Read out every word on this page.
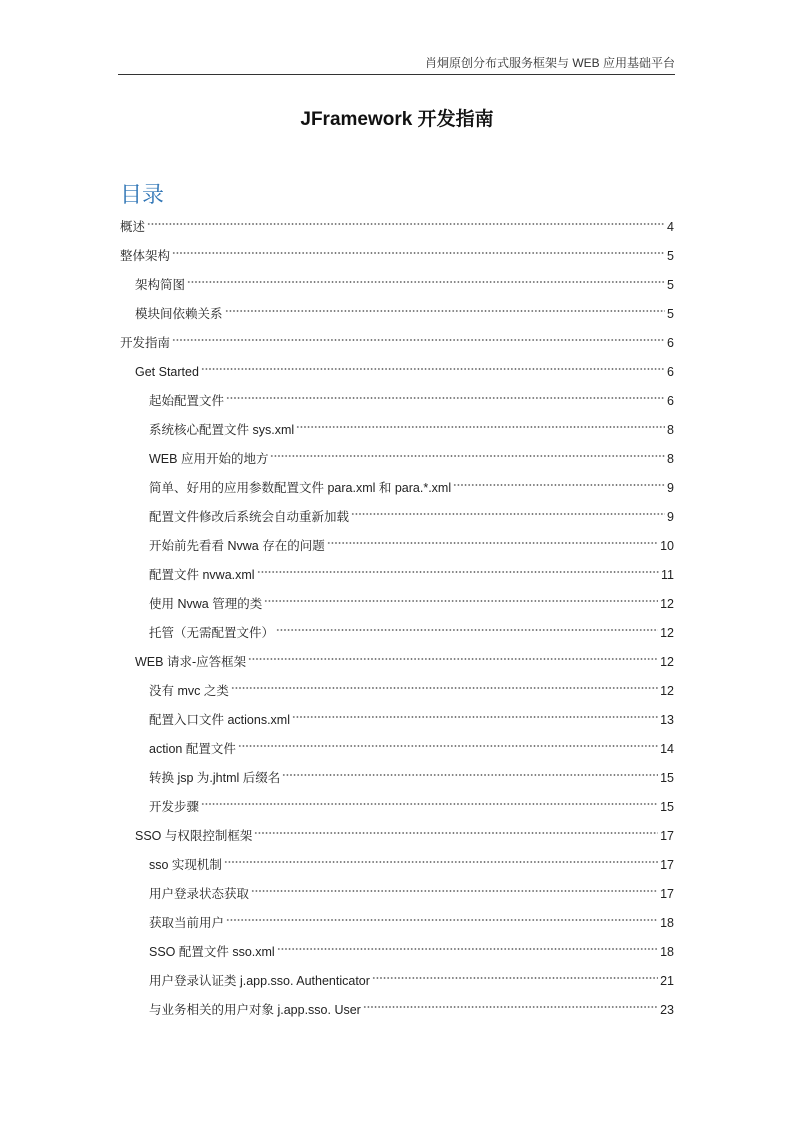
肖炯原创分布式服务框架与 WEB 应用基础平台
JFramework 开发指南
目录
概述	4
整体架构	5
架构简图	5
模块间依赖关系	5
开发指南	6
Get Started	6
起始配置文件	6
系统核心配置文件 sys.xml	8
WEB 应用开始的地方	8
简单、好用的应用参数配置文件 para.xml 和 para.*.xml	9
配置文件修改后系统会自动重新加载	9
开始前先看看 Nvwa 存在的问题	10
配置文件 nvwa.xml	11
使用 Nvwa 管理的类	12
托管（无需配置文件）	12
WEB 请求-应答框架	12
没有 mvc 之类	12
配置入口文件 actions.xml	13
action 配置文件	14
转换 jsp 为.jhtml 后缀名	15
开发步骤	15
SSO 与权限控制框架	17
sso 实现机制	17
用户登录状态获取	17
获取当前用户	18
SSO 配置文件 sso.xml	18
用户登录认证类 j.app.sso. Authenticator	21
与业务相关的用户对象 j.app.sso. User	23
